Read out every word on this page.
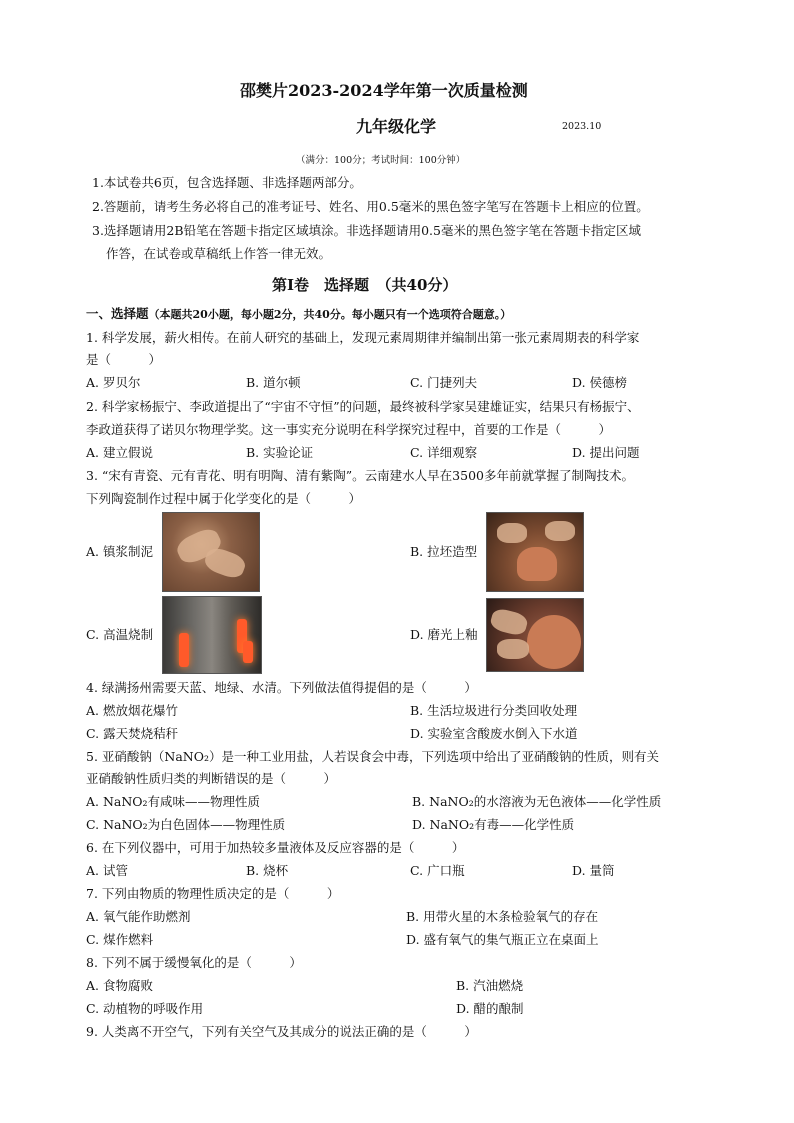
邵樊片2023-2024学年第一次质量检测
九年级化学	2023.10
（满分：100分；考试时间：100分钟）
1.本试卷共6页，包含选择题、非选择题两部分。
2.答题前，请考生务必将自己的准考证号、姓名、用0.5毫米的黑色签字笔写在答题卡上相应的位置。
3.选择题请用2B铅笔在答题卡指定区域填涂。非选择题请用0.5毫米的黑色签字笔在答题卡指定区域
作答，在试卷或草稿纸上作答一律无效。
第Ⅰ卷　选择题　（共40分）
一、选择题（本题共20小题，每小题2分，共40分。每小题只有一个选项符合题意。）
1. 科学发展，薪火相传。在前人研究的基础上，发现元素周期律并编制出第一张元素周期表的科学家
是（　　　）
A. 罗贝尔	B. 道尔顿	C. 门捷列夫	D. 侯德榜
2. 科学家杨振宁、李政道提出了“宇宙不守恒”的问题，最终被科学家吴建雄证实，结果只有杨振宁、
李政道获得了诺贝尔物理学奖。这一事实充分说明在科学探究过程中，首要的工作是（　　　）
A. 建立假说	B. 实验论证	C. 详细观察	D. 提出问题
3. “宋有青瓷、元有青花、明有明陶、清有紫陶”。云南建水人早在3500多年前就掌握了制陶技术。
下列陶瓷制作过程中属于化学变化的是（　　　）
A. 镇浆制泥	B. 拉坯造型
C. 高温烧制	D. 磨光上釉
4. 绿满扬州需要天蓝、地绿、水清。下列做法值得提倡的是（　　　）
A. 燃放烟花爆竹	B. 生活垃圾进行分类回收处理
C. 露天焚烧秸秆	D. 实验室含酸废水倒入下水道
5. 亚硝酸钠（NaNO₂）是一种工业用盐，人若误食会中毒，下列选项中给出了亚硝酸钠的性质，则有关
亚硝酸钠性质归类的判断错误的是（　　　）
A. NaNO₂有咸味——物理性质	B. NaNO₂的水溶液为无色液体——化学性质
C. NaNO₂为白色固体——物理性质	D. NaNO₂有毒——化学性质
6. 在下列仪器中，可用于加热较多量液体及反应容器的是（　　　）
A. 试管	B. 烧杯	C. 广口瓶	D. 量筒
7. 下列由物质的物理性质决定的是（　　　）
A. 氧气能作助燃剂	B. 用带火星的木条检验氧气的存在
C. 煤作燃料	D. 盛有氧气的集气瓶正立在桌面上
8. 下列不属于缓慢氧化的是（　　　）
A. 食物腐败	B. 汽油燃烧
C. 动植物的呼吸作用	D. 醋的酿制
9. 人类离不开空气，下列有关空气及其成分的说法正确的是（　　　）
